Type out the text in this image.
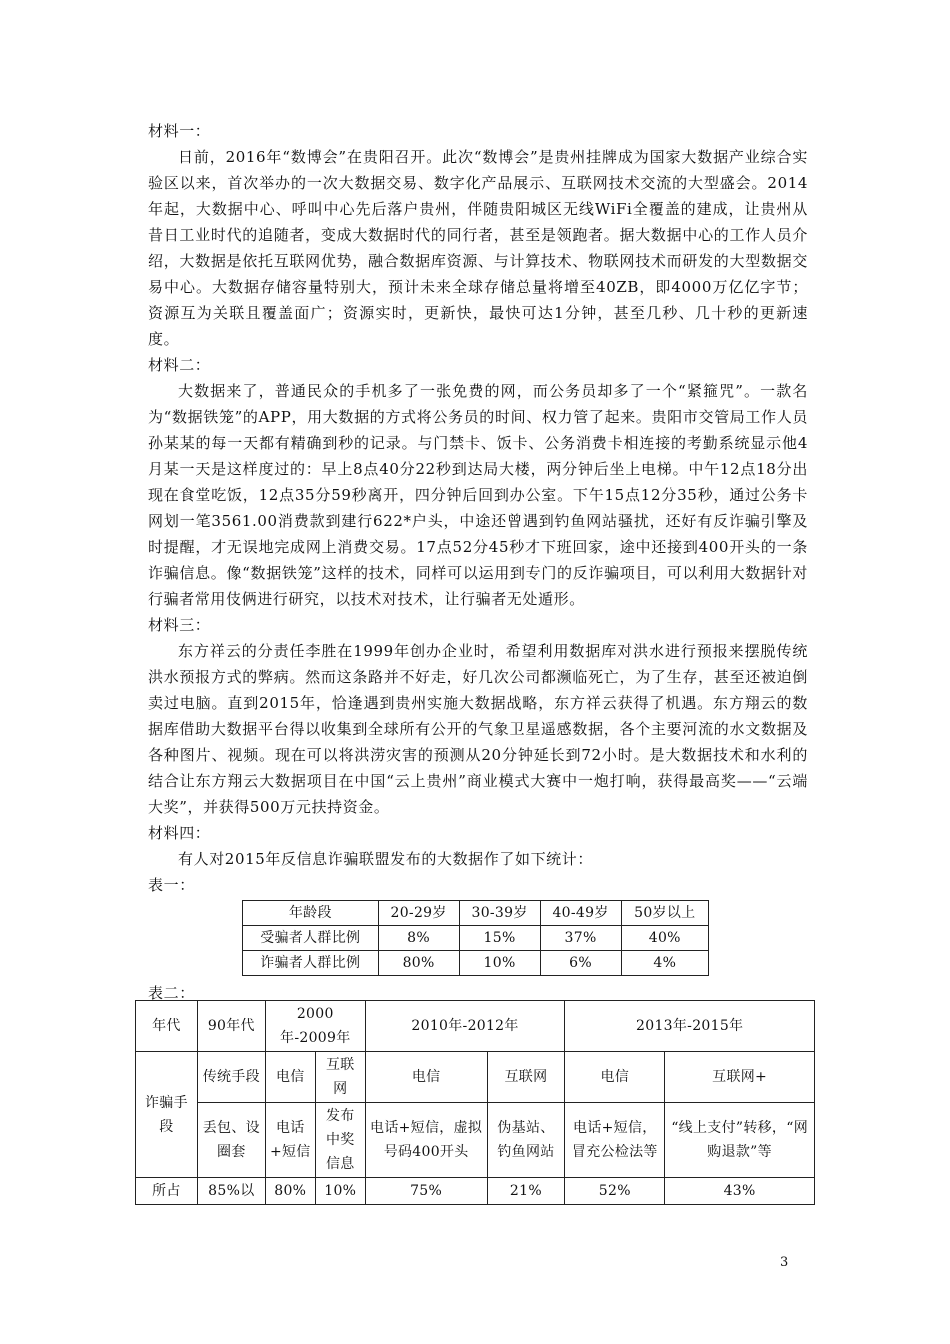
材料一：

日前，2016年“数博会”在贵阳召开。此次“数博会”是贵州挂牌成为国家大数据产业综合实验区以来，首次举办的一次大数据交易、数字化产品展示、互联网技术交流的大型盛会。2014年起，大数据中心、呼叫中心先后落户贵州，伴随贵阳城区无线WiFi全覆盖的建成，让贵州从昔日工业时代的追随者，变成大数据时代的同行者，甚至是领跑者。据大数据中心的工作人员介绍，大数据是依托互联网优势，融合数据库资源、与计算技术、物联网技术而研发的大型数据交易中心。大数据存储容量特别大，预计未来全球存储总量将增至40ZB，即4000万亿亿字节；资源互为关联且覆盖面广；资源实时，更新快，最快可达1分钟，甚至几秒、几十秒的更新速度。

材料二：

大数据来了，普通民众的手机多了一张免费的网，而公务员却多了一个“紧箍咒”。一款名为“数据铁笼”的APP，用大数据的方式将公务员的时间、权力管了起来。贵阳市交管局工作人员孙某某的每一天都有精确到秒的记录。与门禁卡、饭卡、公务消费卡相连接的考勤系统显示他4月某一天是这样度过的：早上8点40分22秒到达局大楼，两分钟后坐上电梯。中午12点18分出现在食堂吃饭，12点35分59秒离开，四分钟后回到办公室。下午15点12分35秒，通过公务卡网划一笔3561.00消费款到建行622*户头，中途还曾遇到钓鱼网站骚扰，还好有反诈骗引擎及时提醒，才无误地完成网上消费交易。17点52分45秒才下班回家，途中还接到400开头的一条诈骗信息。像“数据铁笼”这样的技术，同样可以运用到专门的反诈骗项目，可以利用大数据针对行骗者常用伎俩进行研究，以技术对技术，让行骗者无处遁形。

材料三：

东方祥云的分责任李胜在1999年创办企业时，希望利用数据库对洪水进行预报来摆脱传统洪水预报方式的弊病。然而这条路并不好走，好几次公司都濒临死亡，为了生存，甚至还被迫倒卖过电脑。直到2015年，恰逢遇到贵州实施大数据战略，东方祥云获得了机遇。东方翔云的数据库借助大数据平台得以收集到全球所有公开的气象卫星遥感数据，各个主要河流的水文数据及各种图片、视频。现在可以将洪涝灾害的预测从20分钟延长到72小时。是大数据技术和水利的结合让东方翔云大数据项目在中国“云上贵州”商业模式大赛中一炮打响，获得最高奖——“云端大奖”，并获得500万元扶持资金。

材料四：

有人对2015年反信息诈骗联盟发布的大数据作了如下统计：

表一：

年龄段	20-29岁	30-39岁	40-49岁	50岁以上
受骗者人群比例	8%	15%	37%	40%
诈骗者人群比例	80%	10%	6%	4%

表二：

年代	90年代	2000年-2009年		2010年-2012年		2013年-2015年	
诈骗手段	传统手段	电信	互联网	电信	互联网	电信	互联网+
	丢包、设圈套	电话+短信	发布中奖信息	电话+短信，虚拟号码400开头	伪基站、钓鱼网站	电话+短信，冒充公检法等	“线上支付”转移，“网购退款”等
所占	85%以	80%	10%	75%	21%	52%	43%
3
